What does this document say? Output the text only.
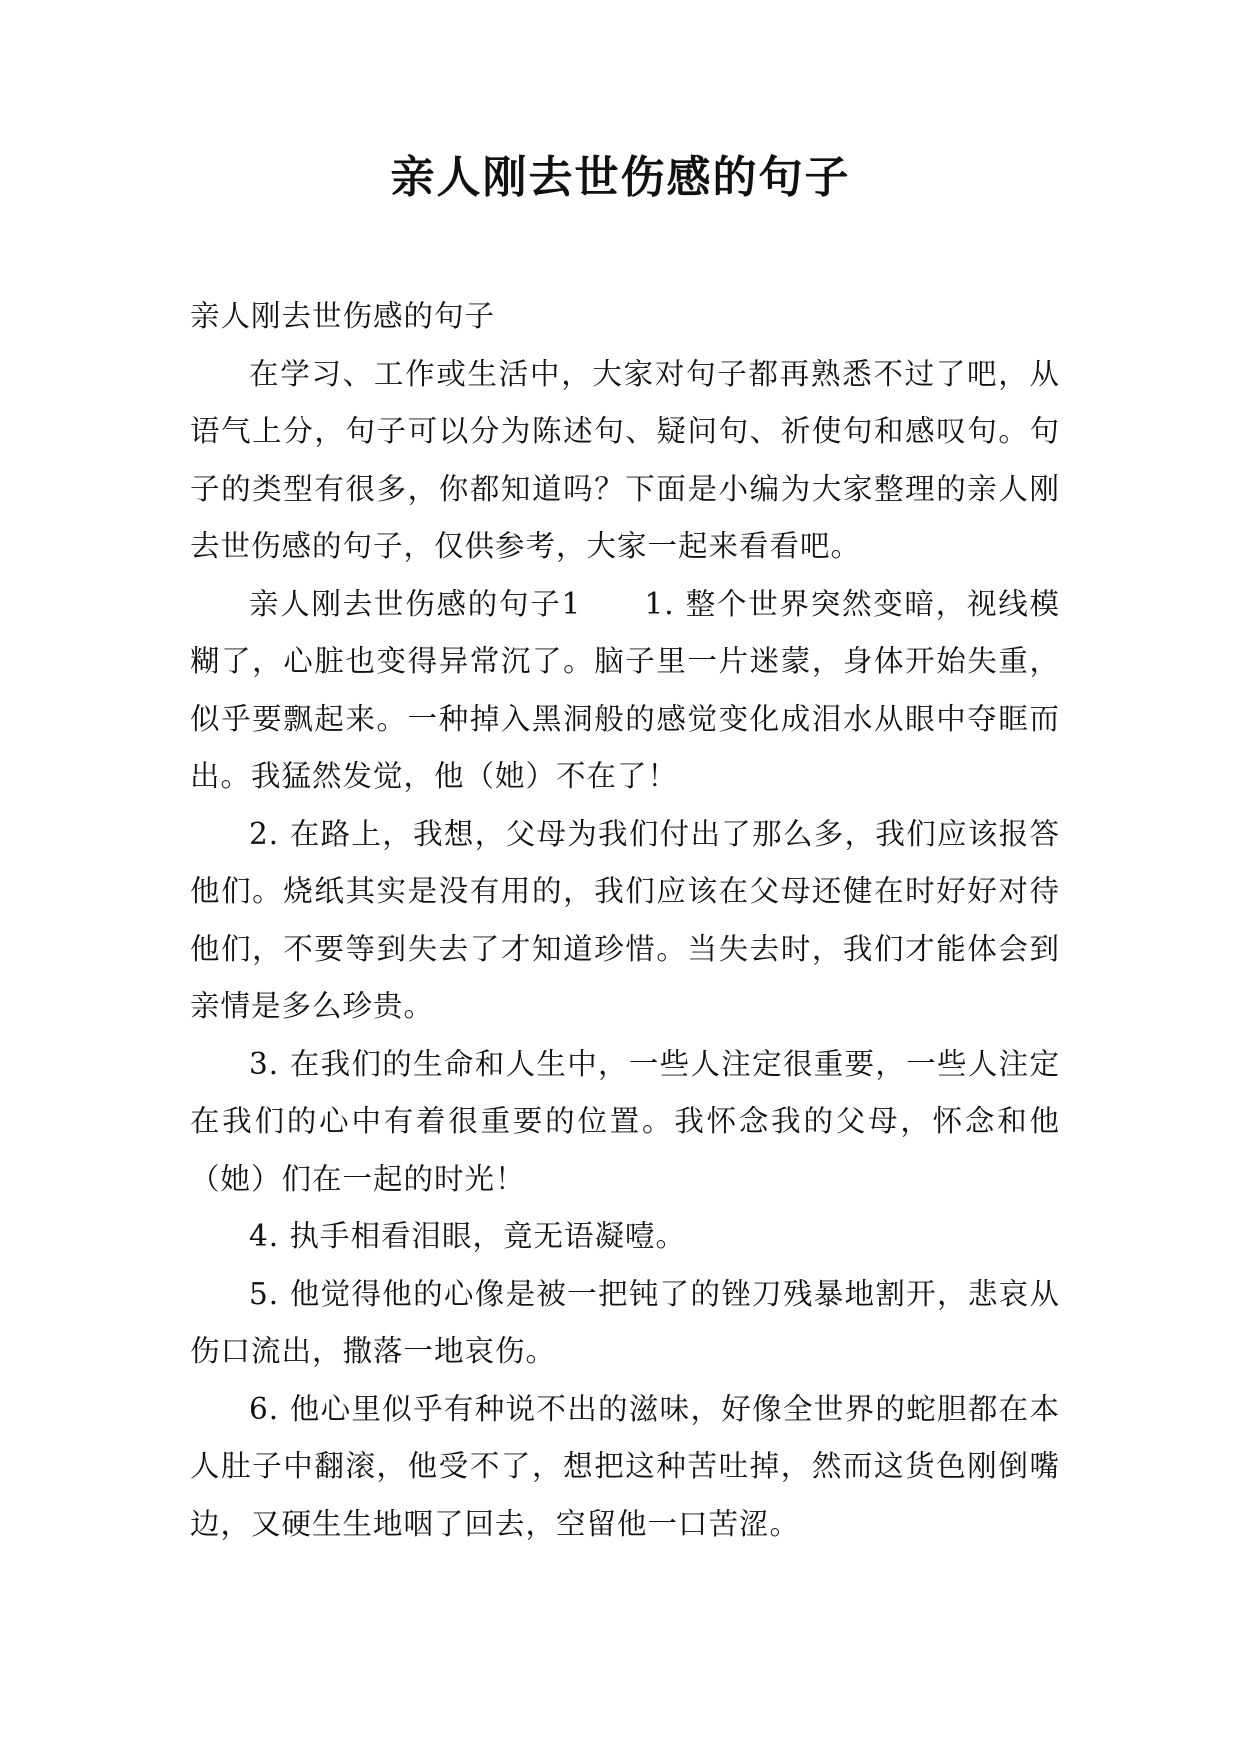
亲人刚去世伤感的句子

亲人刚去世伤感的句子

在学习、工作或生活中，大家对句子都再熟悉不过了吧，从语气上分，句子可以分为陈述句、疑问句、祈使句和感叹句。句子的类型有很多，你都知道吗？下面是小编为大家整理的亲人刚去世伤感的句子，仅供参考，大家一起来看看吧。

亲人刚去世伤感的句子1　　1. 整个世界突然变暗，视线模糊了，心脏也变得异常沉了。脑子里一片迷蒙，身体开始失重，似乎要飘起来。一种掉入黑洞般的感觉变化成泪水从眼中夺眶而出。我猛然发觉，他（她）不在了！

2. 在路上，我想，父母为我们付出了那么多，我们应该报答他们。烧纸其实是没有用的，我们应该在父母还健在时好好对待他们，不要等到失去了才知道珍惜。当失去时，我们才能体会到亲情是多么珍贵。

3. 在我们的生命和人生中，一些人注定很重要，一些人注定在我们的心中有着很重要的位置。我怀念我的父母，怀念和他（她）们在一起的时光！

4. 执手相看泪眼，竟无语凝噎。

5. 他觉得他的心像是被一把钝了的锉刀残暴地割开，悲哀从伤口流出，撒落一地哀伤。

6. 他心里似乎有种说不出的滋味，好像全世界的蛇胆都在本人肚子中翻滚，他受不了，想把这种苦吐掉，然而这货色刚倒嘴边，又硬生生地咽了回去，空留他一口苦涩。
